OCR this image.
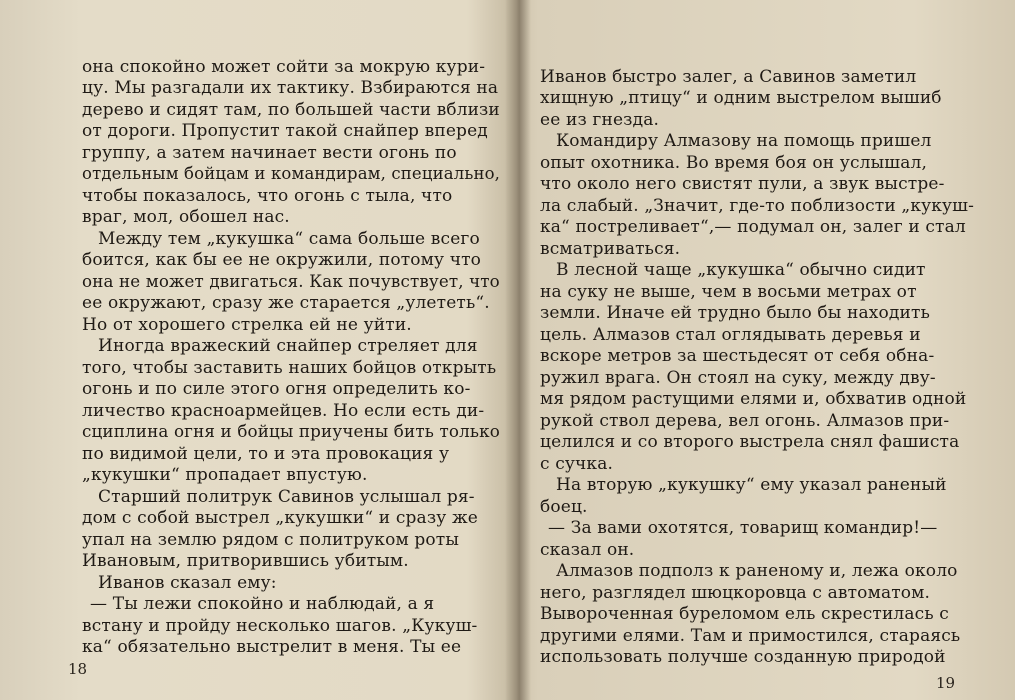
она спокойно может сойти за мокрую кури-
цу. Мы разгадали их тактику. Взбираются на
дерево и сидят там, по большей части вблизи
от дороги. Пропустит такой снайпер вперед
группу, а затем начинает вести огонь по
отдельным бойцам и командирам, специально,
чтобы показалось, что огонь с тыла, что
враг, мол, обошел нас.
Между тем „кукушка“ сама больше всего
боится, как бы ее не окружили, потому что
она не может двигаться. Как почувствует, что
ее окружают, сразу же старается „улететь“.
Но от хорошего стрелка ей не уйти.
Иногда вражеский снайпер стреляет для
того, чтобы заставить наших бойцов открыть
огонь и по силе этого огня определить ко-
личество красноармейцев. Но если есть ди-
сциплина огня и бойцы приучены бить только
по видимой цели, то и эта провокация у
„кукушки“ пропадает впустую.
Старший политрук Савинов услышал ря-
дом с собой выстрел „кукушки“ и сразу же
упал на землю рядом с политруком роты
Ивановым, притворившись убитым.
Иванов сказал ему:
— Ты лежи спокойно и наблюдай, а я
встану и пройду несколько шагов. „Кукуш-
ка“ обязательно выстрелит в меня. Ты ее
18
Иванов быстро залег, а Савинов заметил
хищную „птицу“ и одним выстрелом вышиб
ее из гнезда.
Командиру Алмазову на помощь пришел
опыт охотника. Во время боя он услышал,
что около него свистят пули, а звук выстре-
ла слабый. „Значит, где-то поблизости „кукуш-
ка“ постреливает“,— подумал он, залег и стал
всматриваться.
В лесной чаще „кукушка“ обычно сидит
на суку не выше, чем в восьми метрах от
земли. Иначе ей трудно было бы находить
цель. Алмазов стал оглядывать деревья и
вскоре метров за шестьдесят от себя обна-
ружил врага. Он стоял на суку, между дву-
мя рядом растущими елями и, обхватив одной
рукой ствол дерева, вел огонь. Алмазов при-
целился и со второго выстрела снял фашиста
с сучка.
На вторую „кукушку“ ему указал раненый
боец.
— За вами охотятся, товарищ командир!—
сказал он.
Алмазов подполз к раненому и, лежа около
него, разглядел шюцкоровца с автоматом.
Вывороченная буреломом ель скрестилась с
другими елями. Там и примостился, стараясь
использовать получше созданную природой
19
